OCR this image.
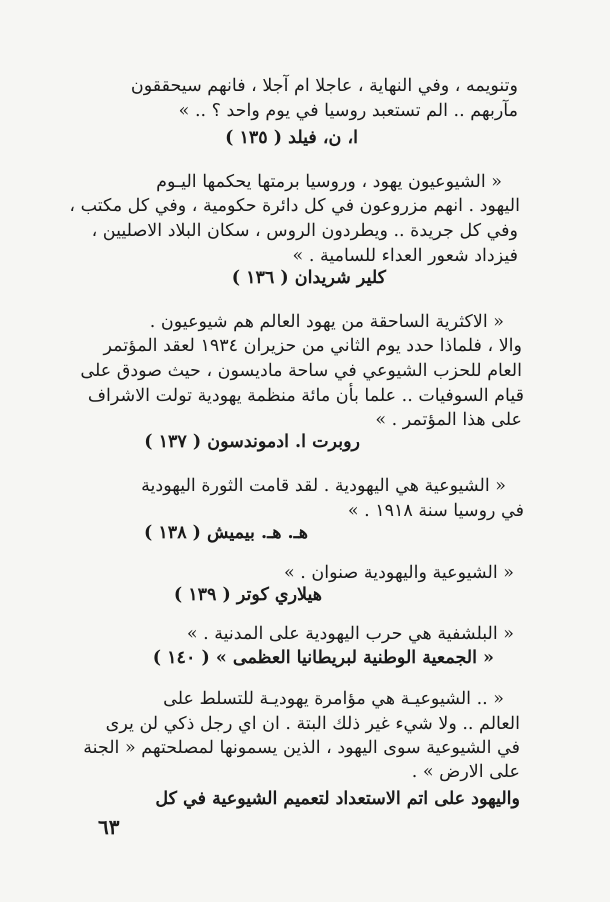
وتنويمه ، وفي النهاية ، عاجلا ام آجلا ، فانهم سيحققون
مآربهم .. الم تستعبد روسيا في يوم واحد ؟ .. »
ا، ن، فيلد ( ١٣٥ )
« الشيوعيون يهود ، وروسيا برمتها يحكمها اليـوم
اليهود . انهم مزروعون في كل دائرة حكومية ، وفي كل مكتب ،
وفي كل جريدة .. ويطردون الروس ، سكان البلاد الاصليين ،
فيزداد شعور العداء للسامية . »
كلير شريدان ( ١٣٦ )
« الاكثرية الساحقة من يهود العالم هم شيوعيون .
والا ، فلماذا حدد يوم الثاني من حزيران ١٩٣٤ لعقد المؤتمر
العام للحزب الشيوعي في ساحة ماديسون ، حيث صودق على
قيام السوفيات .. علما بأن مائة منظمة يهودية تولت الاشراف
على هذا المؤتمر . »
روبرت ا. ادموندسون ( ١٣٧ )
« الشيوعية هي اليهودية . لقد قامت الثورة اليهودية
في روسيا سنة ١٩١٨ . »
هـ. هـ. بيميش ( ١٣٨ )
« الشيوعية واليهودية صنوان . »
هيلاري كوتر ( ١٣٩ )
« البلشفية هي حرب اليهودية على المدنية . »
« الجمعية الوطنية لبريطانيا العظمى » ( ١٤٠ )
« .. الشيوعيـة هي مؤامرة يهوديـة للتسلط على
العالم .. ولا شيء غير ذلك البتة . ان اي رجل ذكي لن يرى
في الشيوعية سوى اليهود ، الذين يسمونها لمصلحتهم « الجنة
على الارض » .
واليهود على اتم الاستعداد لتعميم الشيوعية في كل
٦٣
